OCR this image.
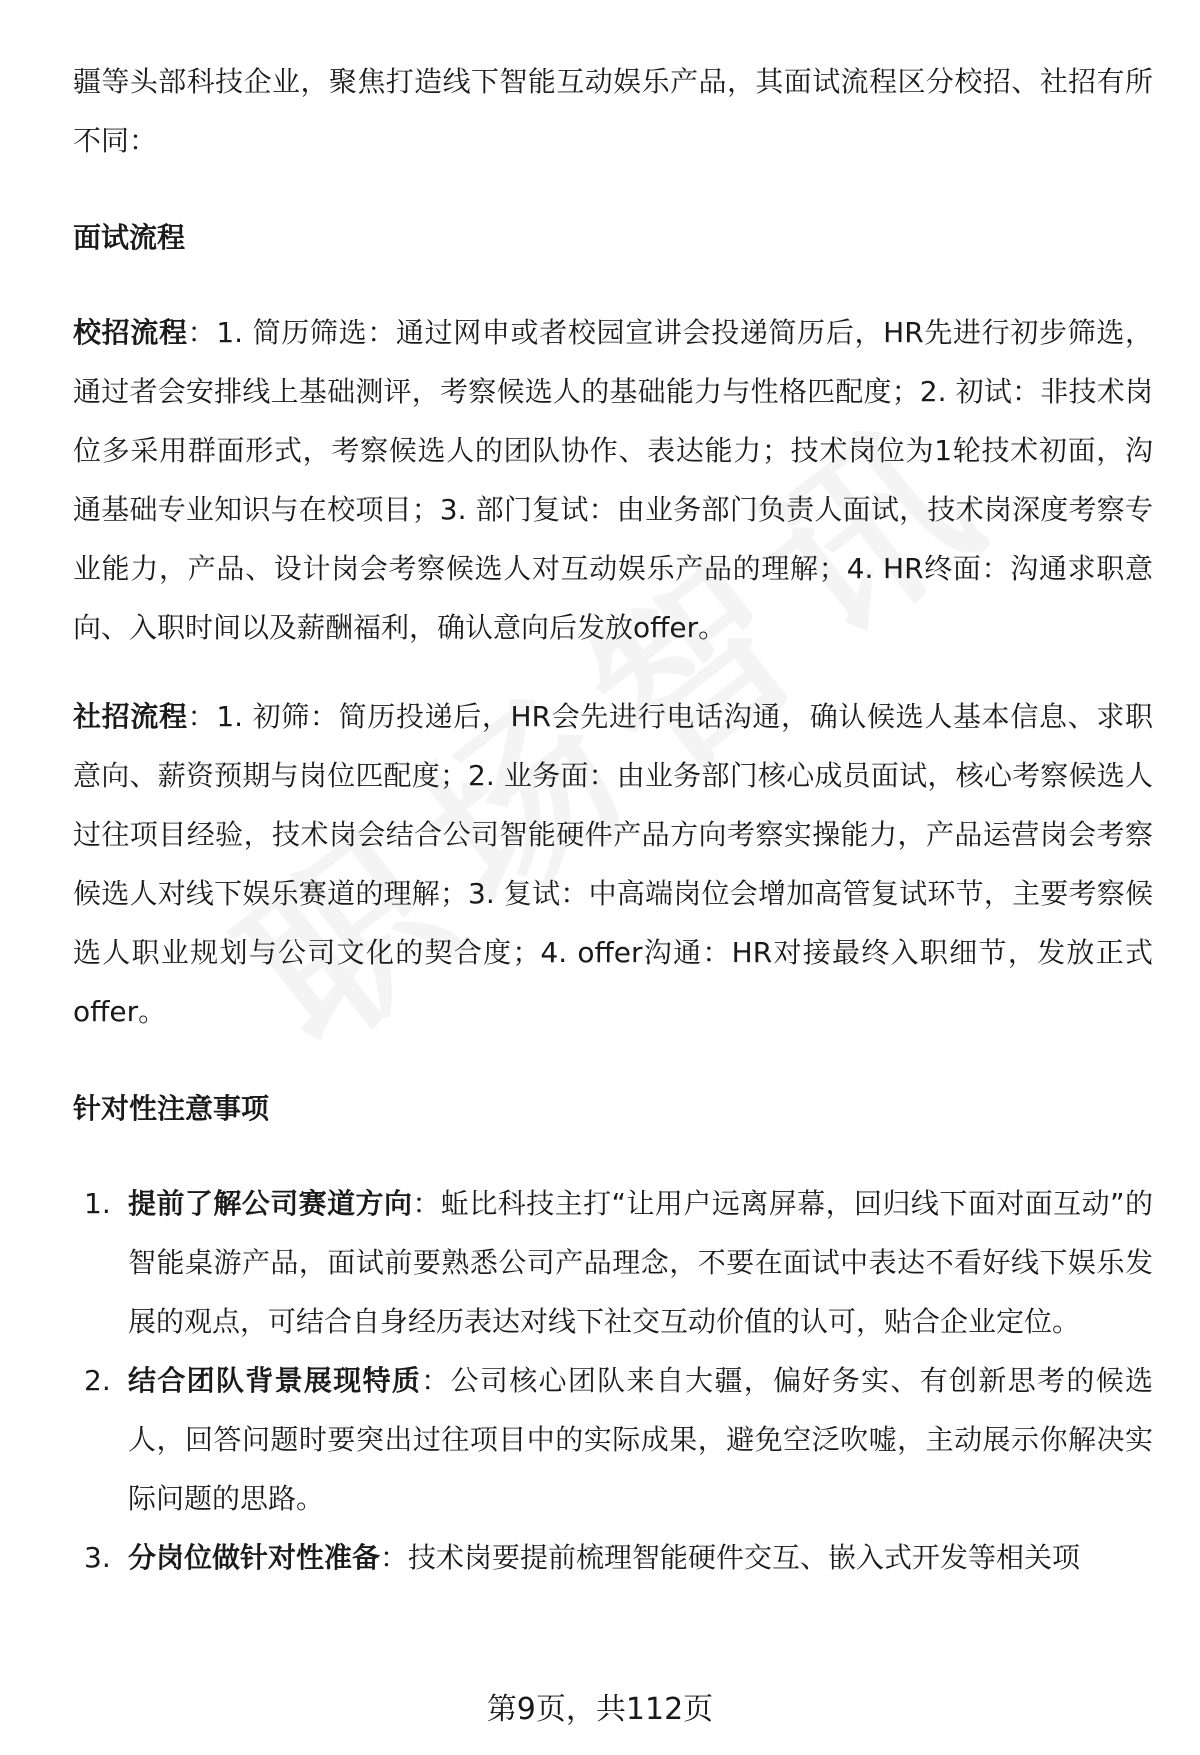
疆等头部科技企业，聚焦打造线下智能互动娱乐产品，其面试流程区分校招、社招有所不同：

面试流程

校招流程：1. 简历筛选：通过网申或者校园宣讲会投递简历后，HR先进行初步筛选，通过者会安排线上基础测评，考察候选人的基础能力与性格匹配度；2. 初试：非技术岗位多采用群面形式，考察候选人的团队协作、表达能力；技术岗位为1轮技术初面，沟通基础专业知识与在校项目；3. 部门复试：由业务部门负责人面试，技术岗深度考察专业能力，产品、设计岗会考察候选人对互动娱乐产品的理解；4. HR终面：沟通求职意向、入职时间以及薪酬福利，确认意向后发放offer。

社招流程：1. 初筛：简历投递后，HR会先进行电话沟通，确认候选人基本信息、求职意向、薪资预期与岗位匹配度；2. 业务面：由业务部门核心成员面试，核心考察候选人过往项目经验，技术岗会结合公司智能硬件产品方向考察实操能力，产品运营岗会考察候选人对线下娱乐赛道的理解；3. 复试：中高端岗位会增加高管复试环节，主要考察候选人职业规划与公司文化的契合度；4. offer沟通：HR对接最终入职细节，发放正式offer。

针对性注意事项
1. 提前了解公司赛道方向：蚯比科技主打“让用户远离屏幕，回归线下面对面互动”的智能桌游产品，面试前要熟悉公司产品理念，不要在面试中表达不看好线下娱乐发展的观点，可结合自身经历表达对线下社交互动价值的认可，贴合企业定位。
2. 结合团队背景展现特质：公司核心团队来自大疆，偏好务实、有创新思考的候选人，回答问题时要突出过往项目中的实际成果，避免空泛吹嘘，主动展示你解决实际问题的思路。
3. 分岗位做针对性准备：技术岗要提前梳理智能硬件交互、嵌入式开发等相关项
第9页，共112页
